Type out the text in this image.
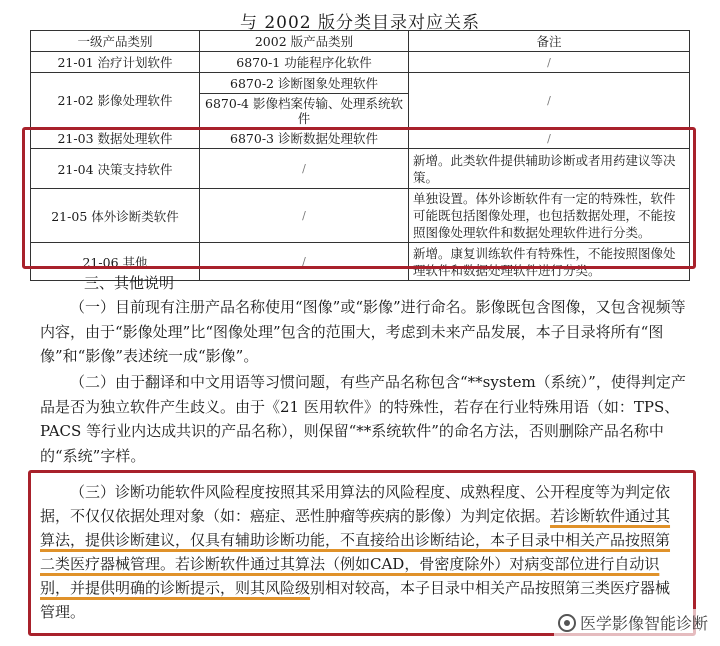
与 2002 版分类目录对应关系
一级产品类别	2002 版产品类别	备注
21-01 治疗计划软件	6870-1 功能程序化软件	/
21-02 影像处理软件	6870-2 诊断图象处理软件	/
	6870-4 影像档案传输、处理系统软件	
21-03 数据处理软件	6870-3 诊断数据处理软件	/
21-04 决策支持软件	/	新增。此类软件提供辅助诊断或者用药建议等决策。
21-05 体外诊断类软件	/	单独设置。体外诊断软件有一定的特殊性，软件可能既包括图像处理，也包括数据处理，不能按照图像处理软件和数据处理软件进行分类。
21-06 其他	/	新增。康复训练软件有特殊性，不能按照图像处理软件和数据处理软件进行分类。
三、其他说明

（一）目前现有注册产品名称使用“图像”或“影像”进行命名。影像既包含图像，又包含视频等内容，由于“影像处理”比“图像处理”包含的范围大，考虑到未来产品发展，本子目录将所有“图像”和“影像”表述统一成“影像”。

（二）由于翻译和中文用语等习惯问题，有些产品名称包含“**system（系统）”，使得判定产品是否为独立软件产生歧义。由于《21 医用软件》的特殊性，若存在行业特殊用语（如：TPS、PACS 等行业内达成共识的产品名称），则保留“**系统软件”的命名方法，否则删除产品名称中的“系统”字样。

（三）诊断功能软件风险程度按照其采用算法的风险程度、成熟程度、公开程度等为判定依据，不仅仅依据处理对象（如：癌症、恶性肿瘤等疾病的影像）为判定依据。若诊断软件通过其算法，提供诊断建议，仅具有辅助诊断功能，不直接给出诊断结论，本子目录中相关产品按照第二类医疗器械管理。若诊断软件通过其算法（例如CAD，骨密度除外）对病变部位进行自动识别，并提供明确的诊断提示，则其风险级别相对较高，本子目录中相关产品按照第三类医疗器械管理。

医学影像智能诊断
